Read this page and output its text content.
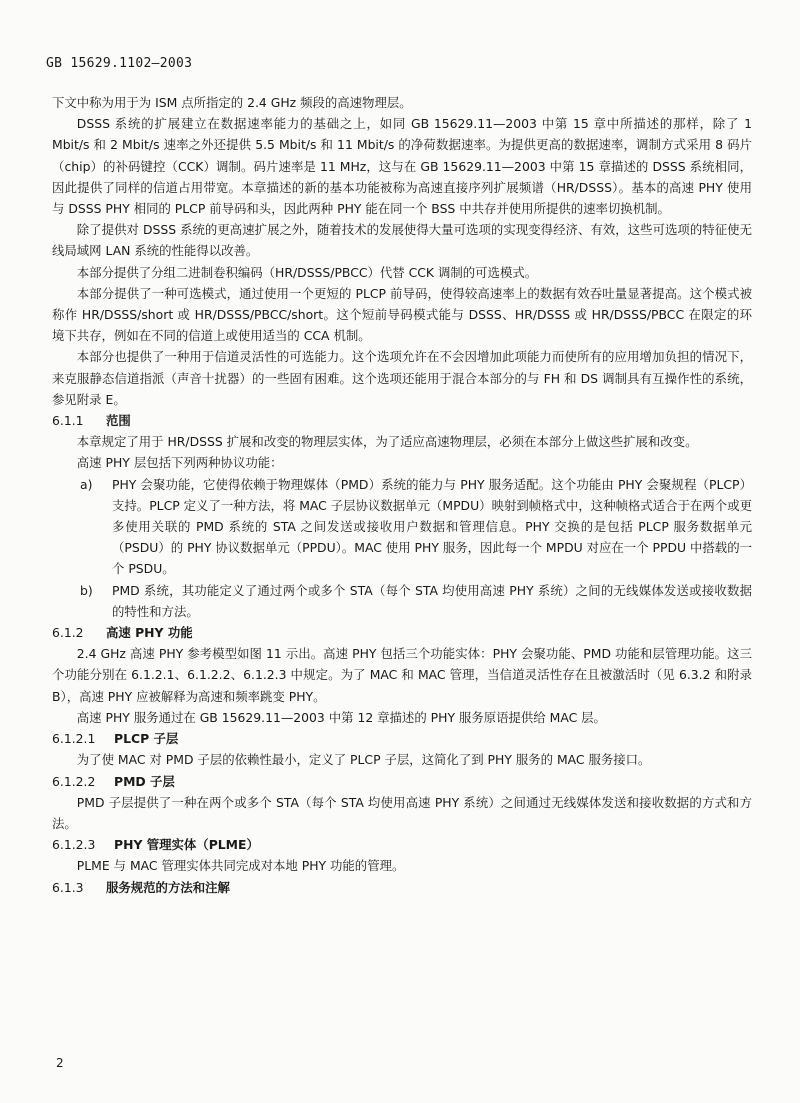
GB 15629.1102—2003

下文中称为用于为 ISM 点所指定的 2.4 GHz 频段的高速物理层。

DSSS 系统的扩展建立在数据速率能力的基础之上，如同 GB 15629.11—2003 中第 15 章中所描述的那样，除了 1 Mbit/s 和 2 Mbit/s 速率之外还提供 5.5 Mbit/s 和 11 Mbit/s 的净荷数据速率。为提供更高的数据速率，调制方式采用 8 码片（chip）的补码键控（CCK）调制。码片速率是 11 MHz，这与在 GB 15629.11—2003 中第 15 章描述的 DSSS 系统相同，因此提供了同样的信道占用带宽。本章描述的新的基本功能被称为高速直接序列扩展频谱（HR/DSSS）。基本的高速 PHY 使用与 DSSS PHY 相同的 PLCP 前导码和头，因此两种 PHY 能在同一个 BSS 中共存并使用所提供的速率切换机制。

除了提供对 DSSS 系统的更高速扩展之外，随着技术的发展使得大量可选项的实现变得经济、有效，这些可选项的特征使无线局域网 LAN 系统的性能得以改善。

本部分提供了分组二进制卷积编码（HR/DSSS/PBCC）代替 CCK 调制的可选模式。

本部分提供了一种可选模式，通过使用一个更短的 PLCP 前导码，使得较高速率上的数据有效吞吐量显著提高。这个模式被称作 HR/DSSS/short 或 HR/DSSS/PBCC/short。这个短前导码模式能与 DSSS、HR/DSSS 或 HR/DSSS/PBCC 在限定的环境下共存，例如在不同的信道上或使用适当的 CCA 机制。

本部分也提供了一种用于信道灵活性的可选能力。这个选项允许在不会因增加此项能力而使所有的应用增加负担的情况下，来克服静态信道指派（声音十扰器）的一些固有困难。这个选项还能用于混合本部分的与 FH 和 DS 调制具有互操作性的系统，参见附录 E。

6.1.1 范围

本章规定了用于 HR/DSSS 扩展和改变的物理层实体，为了适应高速物理层，必须在本部分上做这些扩展和改变。

高速 PHY 层包括下列两种协议功能：

a)	PHY 会聚功能，它使得依赖于物理媒体（PMD）系统的能力与 PHY 服务适配。这个功能由 PHY 会聚规程（PLCP）支持。PLCP 定义了一种方法，将 MAC 子层协议数据单元（MPDU）映射到帧格式中，这种帧格式适合于在两个或更多使用关联的 PMD 系统的 STA 之间发送或接收用户数据和管理信息。PHY 交换的是包括 PLCP 服务数据单元（PSDU）的 PHY 协议数据单元（PPDU）。MAC 使用 PHY 服务，因此每一个 MPDU 对应在一个 PPDU 中搭载的一个 PSDU。
b)	PMD 系统，其功能定义了通过两个或多个 STA（每个 STA 均使用高速 PHY 系统）之间的无线媒体发送或接收数据的特性和方法。

6.1.2 高速 PHY 功能

2.4 GHz 高速 PHY 参考模型如图 11 示出。高速 PHY 包括三个功能实体：PHY 会聚功能、PMD 功能和层管理功能。这三个功能分别在 6.1.2.1、6.1.2.2、6.1.2.3 中规定。为了 MAC 和 MAC 管理，当信道灵活性存在且被激活时（见 6.3.2 和附录 B），高速 PHY 应被解释为高速和频率跳变 PHY。

高速 PHY 服务通过在 GB 15629.11—2003 中第 12 章描述的 PHY 服务原语提供给 MAC 层。

6.1.2.1 PLCP 子层

为了使 MAC 对 PMD 子层的依赖性最小，定义了 PLCP 子层，这简化了到 PHY 服务的 MAC 服务接口。

6.1.2.2 PMD 子层

PMD 子层提供了一种在两个或多个 STA（每个 STA 均使用高速 PHY 系统）之间通过无线媒体发送和接收数据的方式和方法。

6.1.2.3 PHY 管理实体（PLME）

PLME 与 MAC 管理实体共同完成对本地 PHY 功能的管理。

6.1.3 服务规范的方法和注解

2
